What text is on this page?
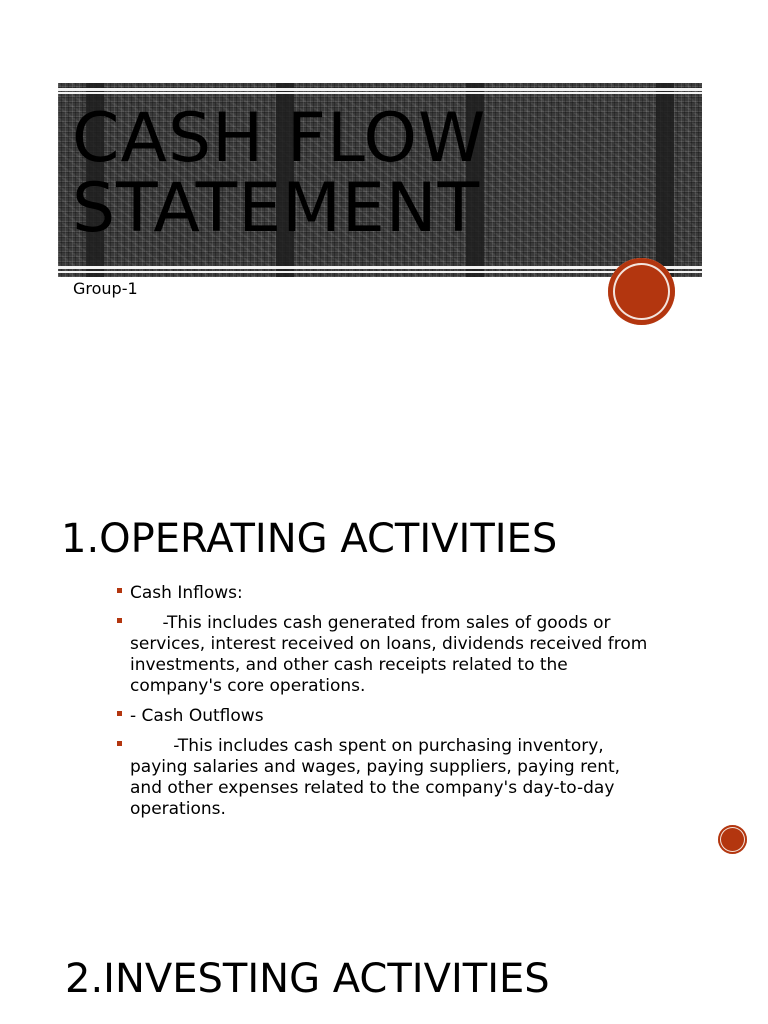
CASH FLOW
STATEMENT
Group-1
1.OPERATING ACTIVITIES
Cash Inflows:
-This includes cash generated from sales of goods or services, interest received on loans, dividends received from investments, and other cash receipts related to the company's core operations.
- Cash Outflows
-This includes cash spent on purchasing inventory, paying salaries and wages, paying suppliers, paying rent, and other expenses related to the company's day-to-day operations.
2.INVESTING ACTIVITIES
